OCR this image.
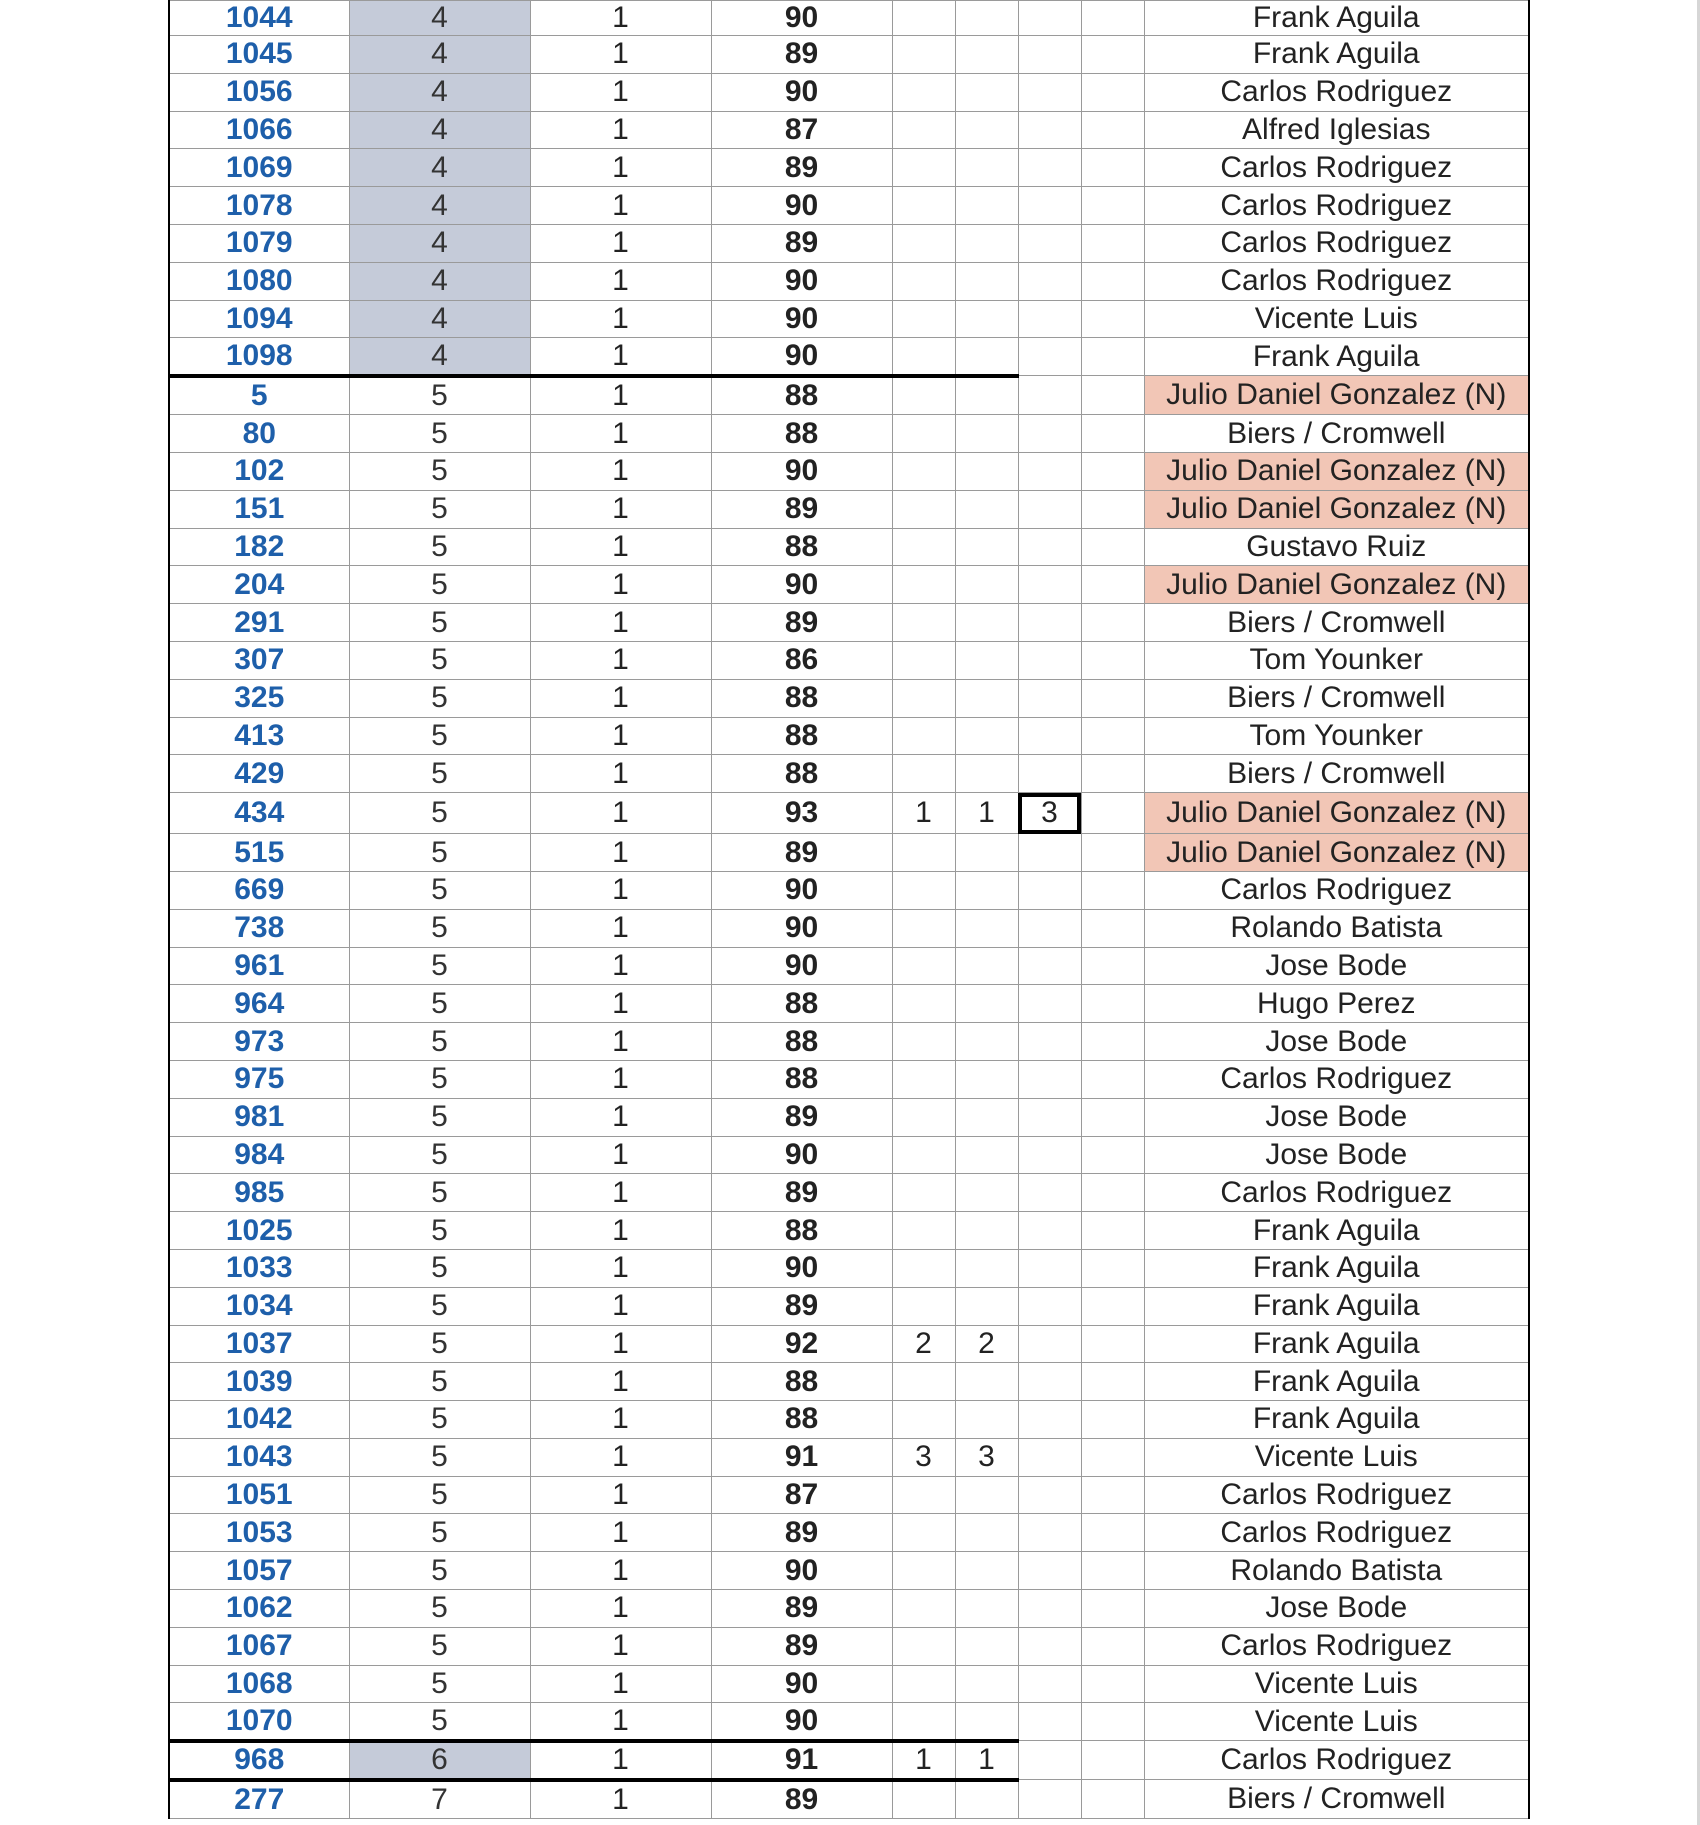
1044	4	1	90					Frank Aguila
1045	4	1	89					Frank Aguila
1056	4	1	90					Carlos Rodriguez
1066	4	1	87					Alfred Iglesias
1069	4	1	89					Carlos Rodriguez
1078	4	1	90					Carlos Rodriguez
1079	4	1	89					Carlos Rodriguez
1080	4	1	90					Carlos Rodriguez
1094	4	1	90					Vicente Luis
1098	4	1	90					Frank Aguila
5	5	1	88					Julio Daniel Gonzalez (N)
80	5	1	88					Biers / Cromwell
102	5	1	90					Julio Daniel Gonzalez (N)
151	5	1	89					Julio Daniel Gonzalez (N)
182	5	1	88					Gustavo Ruiz
204	5	1	90					Julio Daniel Gonzalez (N)
291	5	1	89					Biers / Cromwell
307	5	1	86					Tom Younker
325	5	1	88					Biers / Cromwell
413	5	1	88					Tom Younker
429	5	1	88					Biers / Cromwell
434	5	1	93	1	1	3		Julio Daniel Gonzalez (N)
515	5	1	89					Julio Daniel Gonzalez (N)
669	5	1	90					Carlos Rodriguez
738	5	1	90					Rolando Batista
961	5	1	90					Jose Bode
964	5	1	88					Hugo Perez
973	5	1	88					Jose Bode
975	5	1	88					Carlos Rodriguez
981	5	1	89					Jose Bode
984	5	1	90					Jose Bode
985	5	1	89					Carlos Rodriguez
1025	5	1	88					Frank Aguila
1033	5	1	90					Frank Aguila
1034	5	1	89					Frank Aguila
1037	5	1	92	2	2			Frank Aguila
1039	5	1	88					Frank Aguila
1042	5	1	88					Frank Aguila
1043	5	1	91	3	3			Vicente Luis
1051	5	1	87					Carlos Rodriguez
1053	5	1	89					Carlos Rodriguez
1057	5	1	90					Rolando Batista
1062	5	1	89					Jose Bode
1067	5	1	89					Carlos Rodriguez
1068	5	1	90					Vicente Luis
1070	5	1	90					Vicente Luis
968	6	1	91	1	1			Carlos Rodriguez
277	7	1	89					Biers / Cromwell
